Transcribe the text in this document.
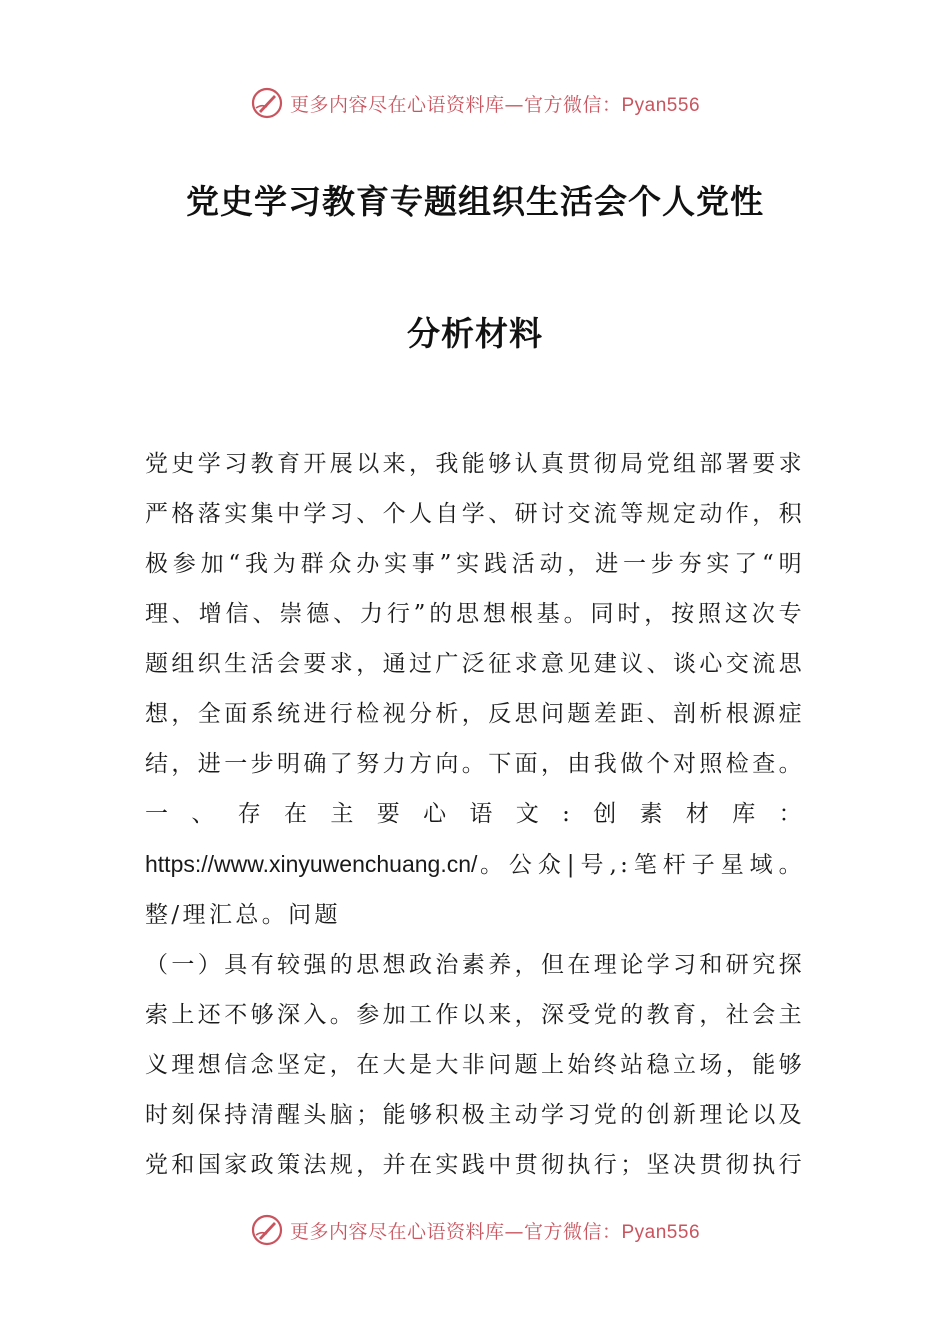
更多内容尽在心语资料库—官方微信：Pyan556
党史学习教育专题组织生活会个人党性
分析材料

党史学习教育开展以来，我能够认真贯彻局党组部署要求严格落实集中学习、个人自学、研讨交流等规定动作，积极参加“我为群众办实事”实践活动，进一步夯实了“明理、增信、崇德、力行”的思想根基。同时，按照这次专题组织生活会要求，通过广泛征求意见建议、谈心交流思想，全面系统进行检视分析，反思问题差距、剖析根源症结，进一步明确了努力方向。下面，由我做个对照检查。

一、存在主要心语文:创素材库：https://www.xinyuwenchuang.cn/。公众|号,:笔杆子星域。整/理汇总。问题

（一）具有较强的思想政治素养，但在理论学习和研究探索上还不够深入。参加工作以来，深受党的教育，社会主义理想信念坚定，在大是大非问题上始终站稳立场，能够时刻保持清醒头脑；能够积极主动学习党的创新理论以及党和国家政策法规，并在实践中贯彻执行；坚决贯彻执行

更多内容尽在心语资料库—官方微信：Pyan556
